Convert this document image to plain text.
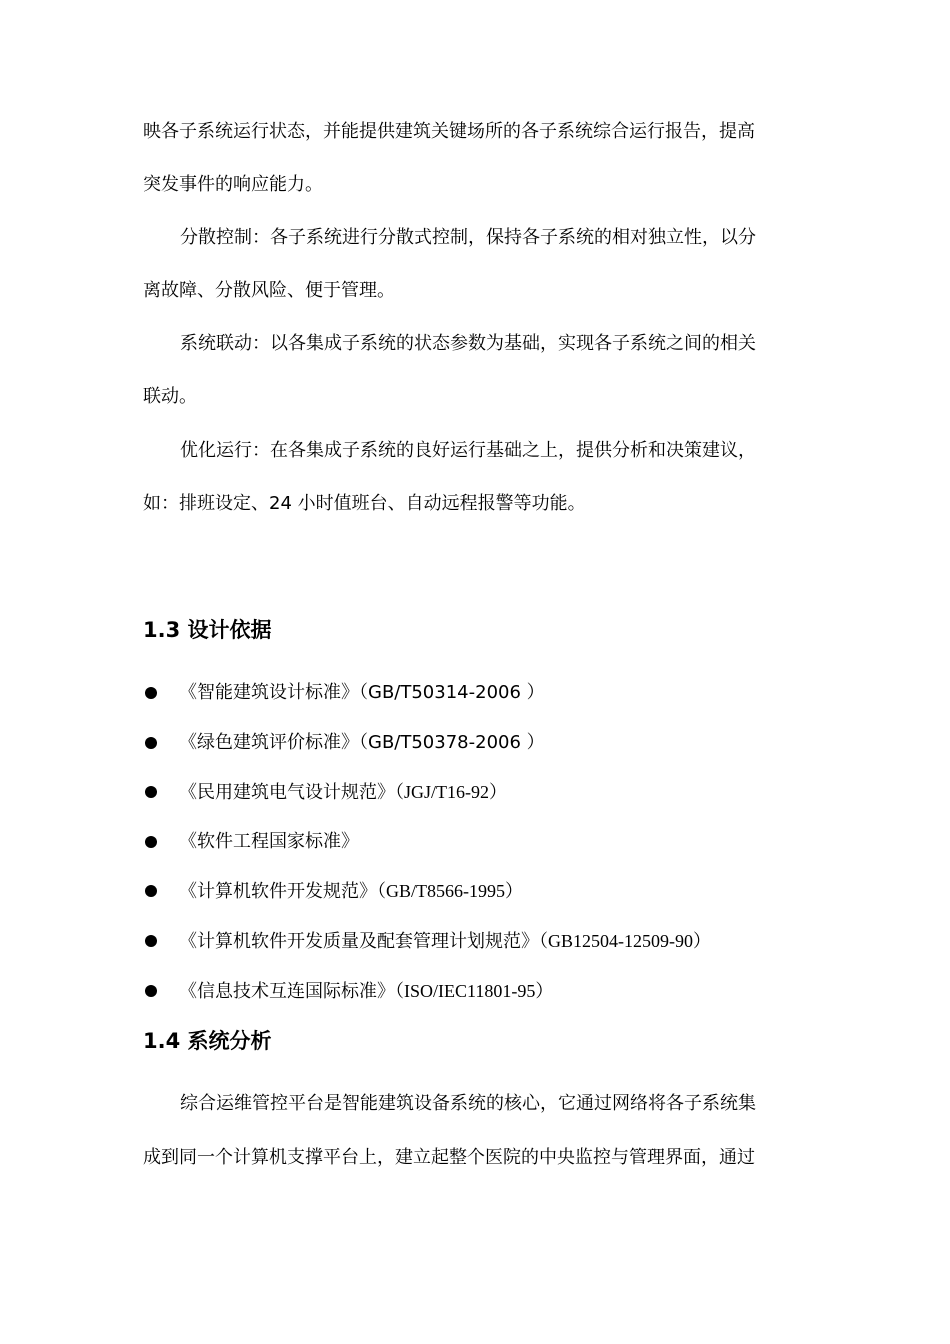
映各子系统运行状态，并能提供建筑关键场所的各子系统综合运行报告，提高
突发事件的响应能力。
分散控制：各子系统进行分散式控制，保持各子系统的相对独立性，以分
离故障、分散风险、便于管理。
系统联动：以各集成子系统的状态参数为基础，实现各子系统之间的相关
联动。
优化运行：在各集成子系统的良好运行基础之上，提供分析和决策建议，
如：排班设定、24 小时值班台、自动远程报警等功能。
1.3 设计依据
《智能建筑设计标准》（GB/T50314-2006 ）
《绿色建筑评价标准》（GB/T50378-2006 ）
《民用建筑电气设计规范》（JGJ/T16-92）
《软件工程国家标准》
《计算机软件开发规范》（GB/T8566-1995）
《计算机软件开发质量及配套管理计划规范》（GB12504-12509-90）
《信息技术互连国际标准》（ISO/IEC11801-95）
1.4 系统分析
综合运维管控平台是智能建筑设备系统的核心，它通过网络将各子系统集
成到同一个计算机支撑平台上，建立起整个医院的中央监控与管理界面，通过
